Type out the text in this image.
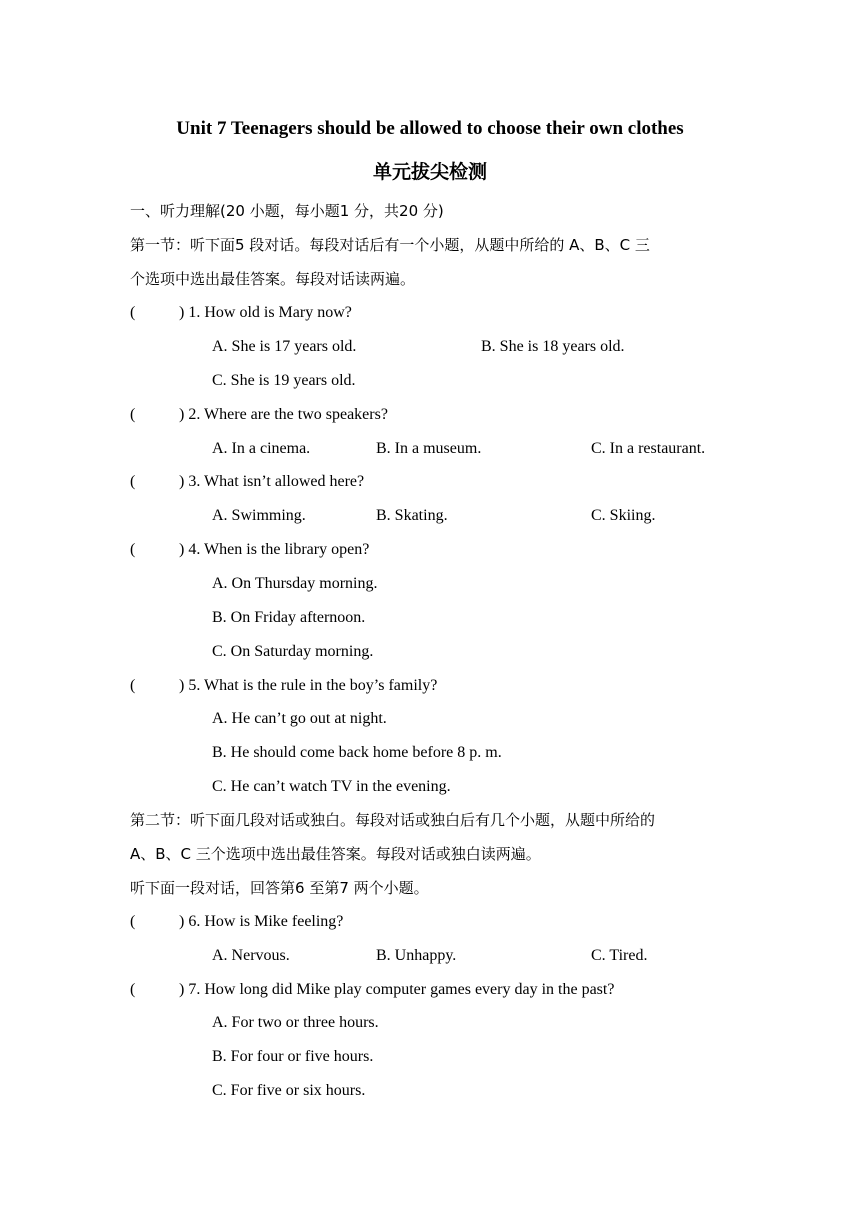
Unit 7 Teenagers should be allowed to choose their own clothes
单元拔尖检测
一、听力理解(20 小题，每小题1 分，共20 分)
第一节：听下面5 段对话。每段对话后有一个小题，从题中所给的 A、B、C 三
个选项中选出最佳答案。每段对话读两遍。
(	) 1. How old is Mary now?
A. She is 17 years old.	B. She is 18 years old.
C. She is 19 years old.
(	) 2. Where are the two speakers?
A. In a cinema.	B. In a museum.	C. In a restaurant.
(	) 3. What isn’t allowed here?
A. Swimming.	B. Skating.	C. Skiing.
(	) 4. When is the library open?
A. On Thursday morning.
B. On Friday afternoon.
C. On Saturday morning.
(	) 5. What is the rule in the boy’s family?
A. He can’t go out at night.
B. He should come back home before 8 p. m.
C. He can’t watch TV in the evening.
第二节：听下面几段对话或独白。每段对话或独白后有几个小题，从题中所给的
A、B、C 三个选项中选出最佳答案。每段对话或独白读两遍。
听下面一段对话，回答第6 至第7 两个小题。
(	) 6. How is Mike feeling?
A. Nervous.	B. Unhappy.	C. Tired.
(	) 7. How long did Mike play computer games every day in the past?
A. For two or three hours.
B. For four or five hours.
C. For five or six hours.
